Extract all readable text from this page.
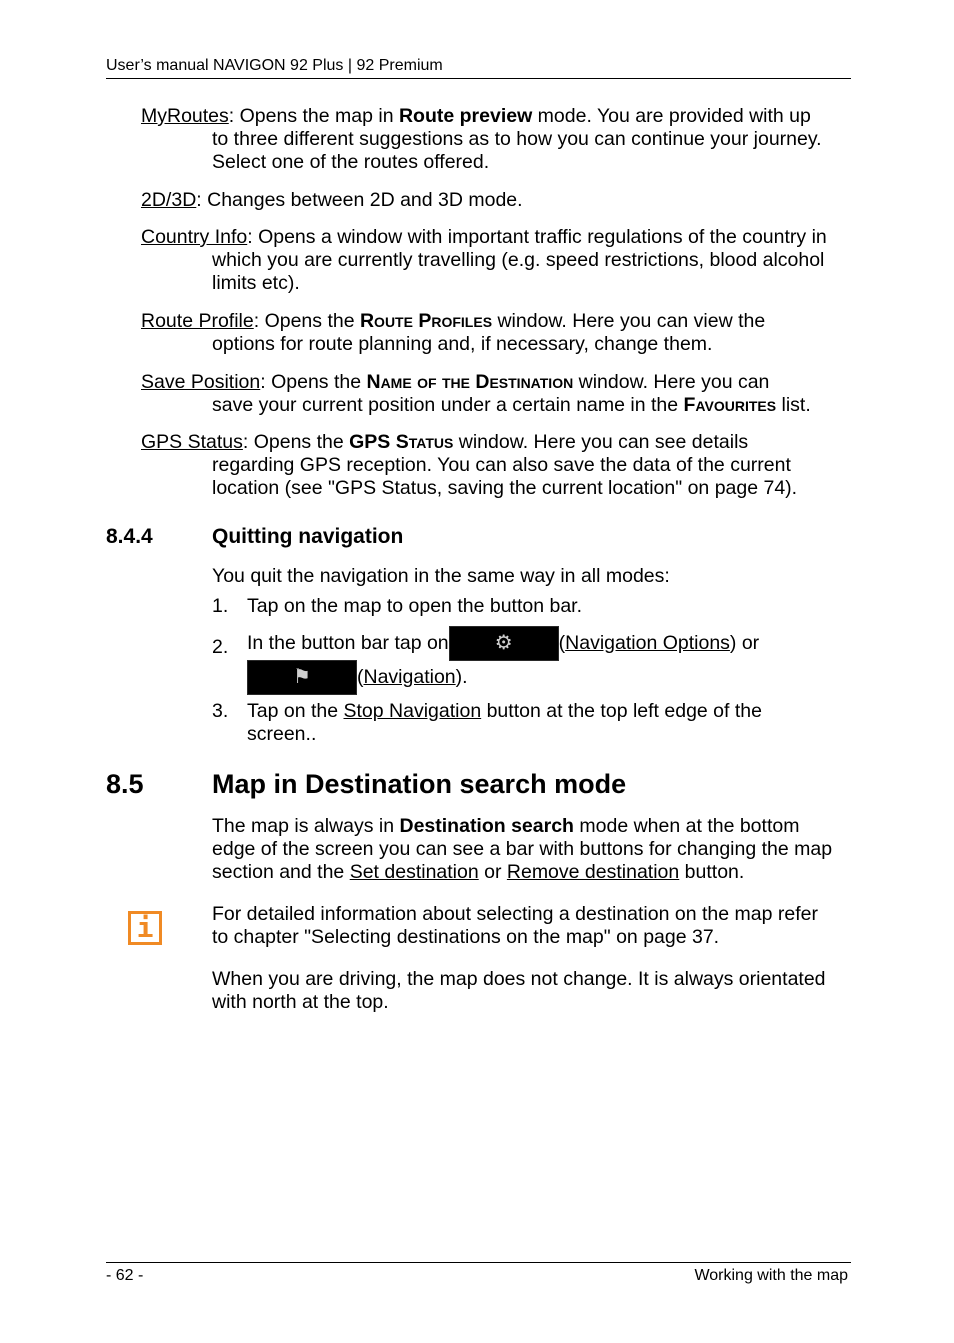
User’s manual NAVIGON 92 Plus | 92 Premium
MyRoutes: Opens the map in Route preview mode. You are provided with up
to three different suggestions as to how you can continue your journey.
Select one of the routes offered.
2D/3D: Changes between 2D and 3D mode.
Country Info: Opens a window with important traffic regulations of the country in
which you are currently travelling (e.g. speed restrictions, blood alcohol
limits etc).
Route Profile: Opens the Route Profiles window. Here you can view the
options for route planning and, if necessary, change them.
Save Position: Opens the Name of the Destination window. Here you can
save your current position under a certain name in the Favourites list.
GPS Status: Opens the GPS Status window. Here you can see details
regarding GPS reception. You can also save the data of the current
location (see "GPS Status, saving the current location" on page 74).
8.4.4	Quitting navigation
You quit the navigation in the same way in all modes:
1. Tap on the map to open the button bar.
2. In the button bar tap on ⚙ ( Navigation Options ) or
⚑ ( Navigation ).
3. Tap on the Stop Navigation button at the top left edge of the
screen..
8.5	Map in Destination search mode
The map is always in Destination search mode when at the bottom
edge of the screen you can see a bar with buttons for changing the map
section and the Set destination or Remove destination button.
i	For detailed information about selecting a destination on the map refer
to chapter "Selecting destinations on the map" on page 37.
When you are driving, the map does not change. It is always orientated
with north at the top.
- 62 -	Working with the map
